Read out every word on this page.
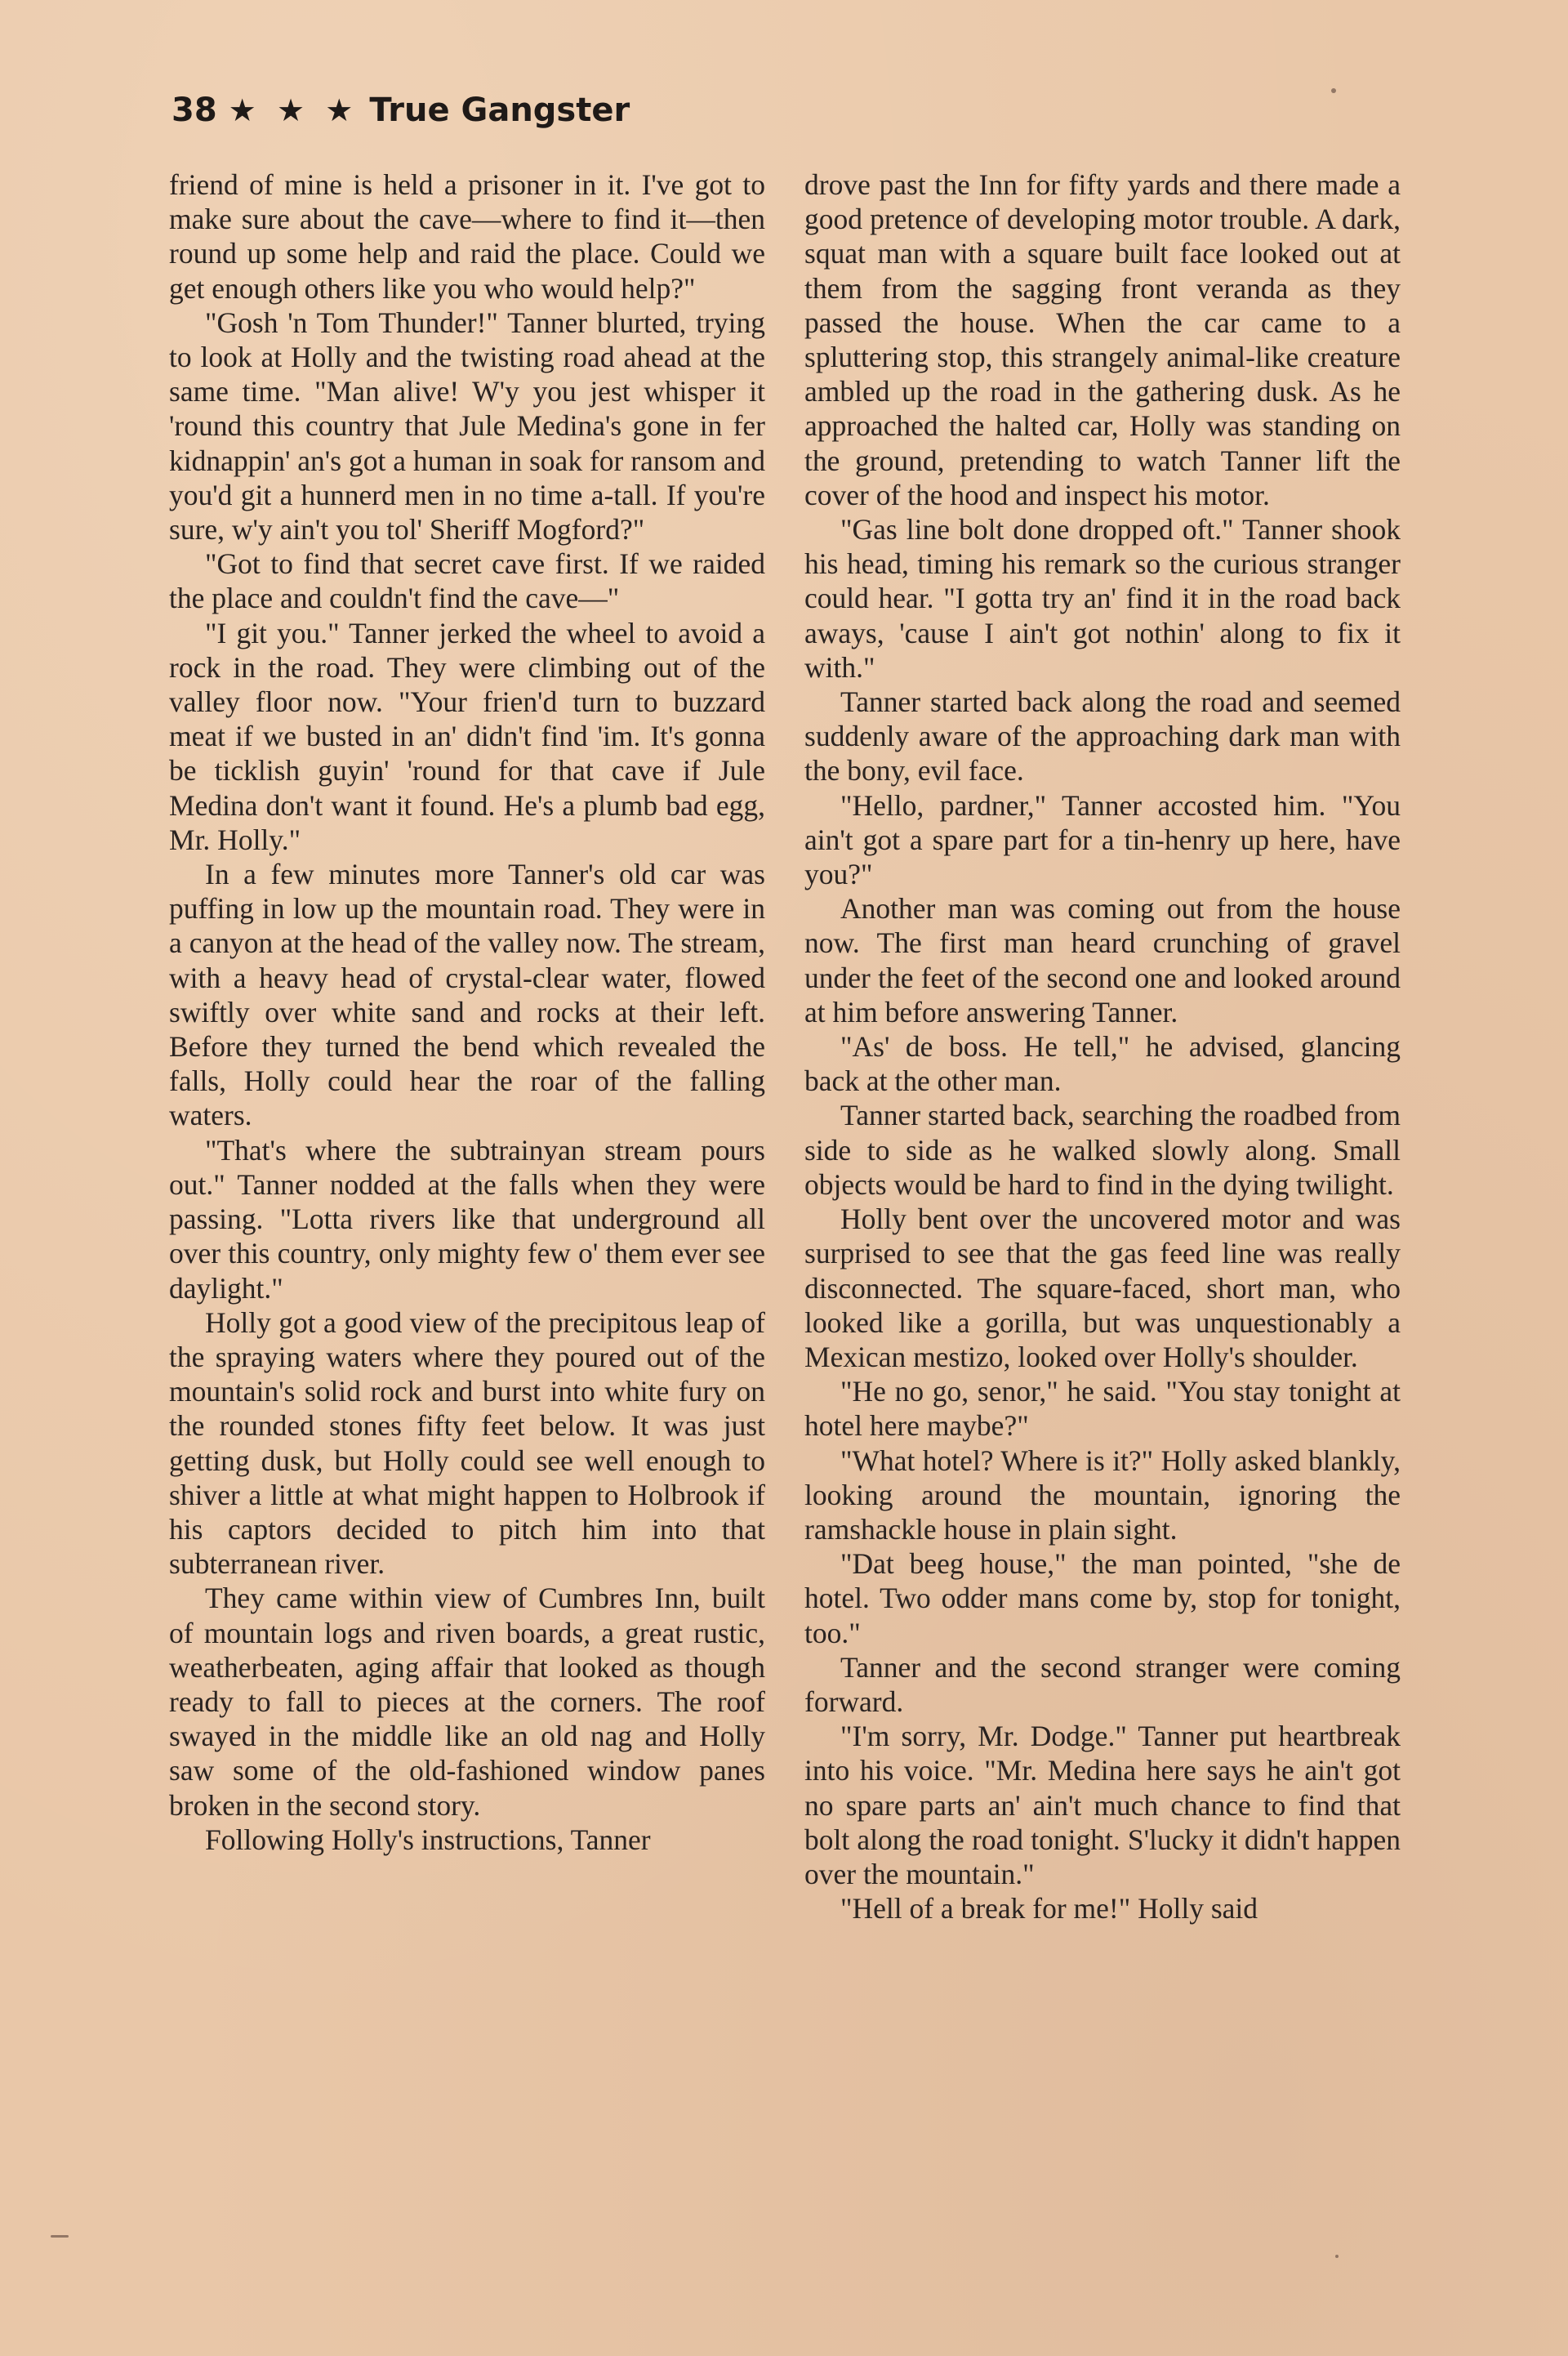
38 ★ ★ ★ True Gangster

friend of mine is held a prisoner in it. I've got to make sure about the cave—where to find it—then round up some help and raid the place. Could we get enough others like you who would help?"

"Gosh 'n Tom Thunder!" Tanner blurted, trying to look at Holly and the twisting road ahead at the same time. "Man alive! W'y you jest whisper it 'round this country that Jule Medina's gone in fer kidnappin' an's got a human in soak for ransom and you'd git a hunnerd men in no time a-tall. If you're sure, w'y ain't you tol' Sheriff Mogford?"

"Got to find that secret cave first. If we raided the place and couldn't find the cave—"

"I git you." Tanner jerked the wheel to avoid a rock in the road. They were climbing out of the valley floor now. "Your frien'd turn to buzzard meat if we busted in an' didn't find 'im. It's gonna be ticklish guyin' 'round for that cave if Jule Medina don't want it found. He's a plumb bad egg, Mr. Holly."

In a few minutes more Tanner's old car was puffing in low up the mountain road. They were in a canyon at the head of the valley now. The stream, with a heavy head of crystal-clear water, flowed swiftly over white sand and rocks at their left. Before they turned the bend which revealed the falls, Holly could hear the roar of the falling waters.

"That's where the subtrainyan stream pours out." Tanner nodded at the falls when they were passing. "Lotta rivers like that underground all over this country, only mighty few o' them ever see daylight."

Holly got a good view of the precipitous leap of the spraying waters where they poured out of the mountain's solid rock and burst into white fury on the rounded stones fifty feet below. It was just getting dusk, but Holly could see well enough to shiver a little at what might happen to Holbrook if his captors decided to pitch him into that subterranean river.

They came within view of Cumbres Inn, built of mountain logs and riven boards, a great rustic, weatherbeaten, aging affair that looked as though ready to fall to pieces at the corners. The roof swayed in the middle like an old nag and Holly saw some of the old-fashioned window panes broken in the second story.

Following Holly's instructions, Tanner

drove past the Inn for fifty yards and there made a good pretence of developing motor trouble. A dark, squat man with a square built face looked out at them from the sagging front veranda as they passed the house. When the car came to a spluttering stop, this strangely animal-like creature ambled up the road in the gathering dusk. As he approached the halted car, Holly was standing on the ground, pretending to watch Tanner lift the cover of the hood and inspect his motor.

"Gas line bolt done dropped oft." Tanner shook his head, timing his remark so the curious stranger could hear. "I gotta try an' find it in the road back aways, 'cause I ain't got nothin' along to fix it with."

Tanner started back along the road and seemed suddenly aware of the approaching dark man with the bony, evil face.

"Hello, pardner," Tanner accosted him. "You ain't got a spare part for a tin-henry up here, have you?"

Another man was coming out from the house now. The first man heard crunching of gravel under the feet of the second one and looked around at him before answering Tanner.

"As' de boss. He tell," he advised, glancing back at the other man.

Tanner started back, searching the roadbed from side to side as he walked slowly along. Small objects would be hard to find in the dying twilight.

Holly bent over the uncovered motor and was surprised to see that the gas feed line was really disconnected. The square-faced, short man, who looked like a gorilla, but was unquestionably a Mexican mestizo, looked over Holly's shoulder.

"He no go, senor," he said. "You stay tonight at hotel here maybe?"

"What hotel? Where is it?" Holly asked blankly, looking around the mountain, ignoring the ramshackle house in plain sight.

"Dat beeg house," the man pointed, "she de hotel. Two odder mans come by, stop for tonight, too."

Tanner and the second stranger were coming forward.

"I'm sorry, Mr. Dodge." Tanner put heartbreak into his voice. "Mr. Medina here says he ain't got no spare parts an' ain't much chance to find that bolt along the road tonight. S'lucky it didn't happen over the mountain."

"Hell of a break for me!" Holly said
